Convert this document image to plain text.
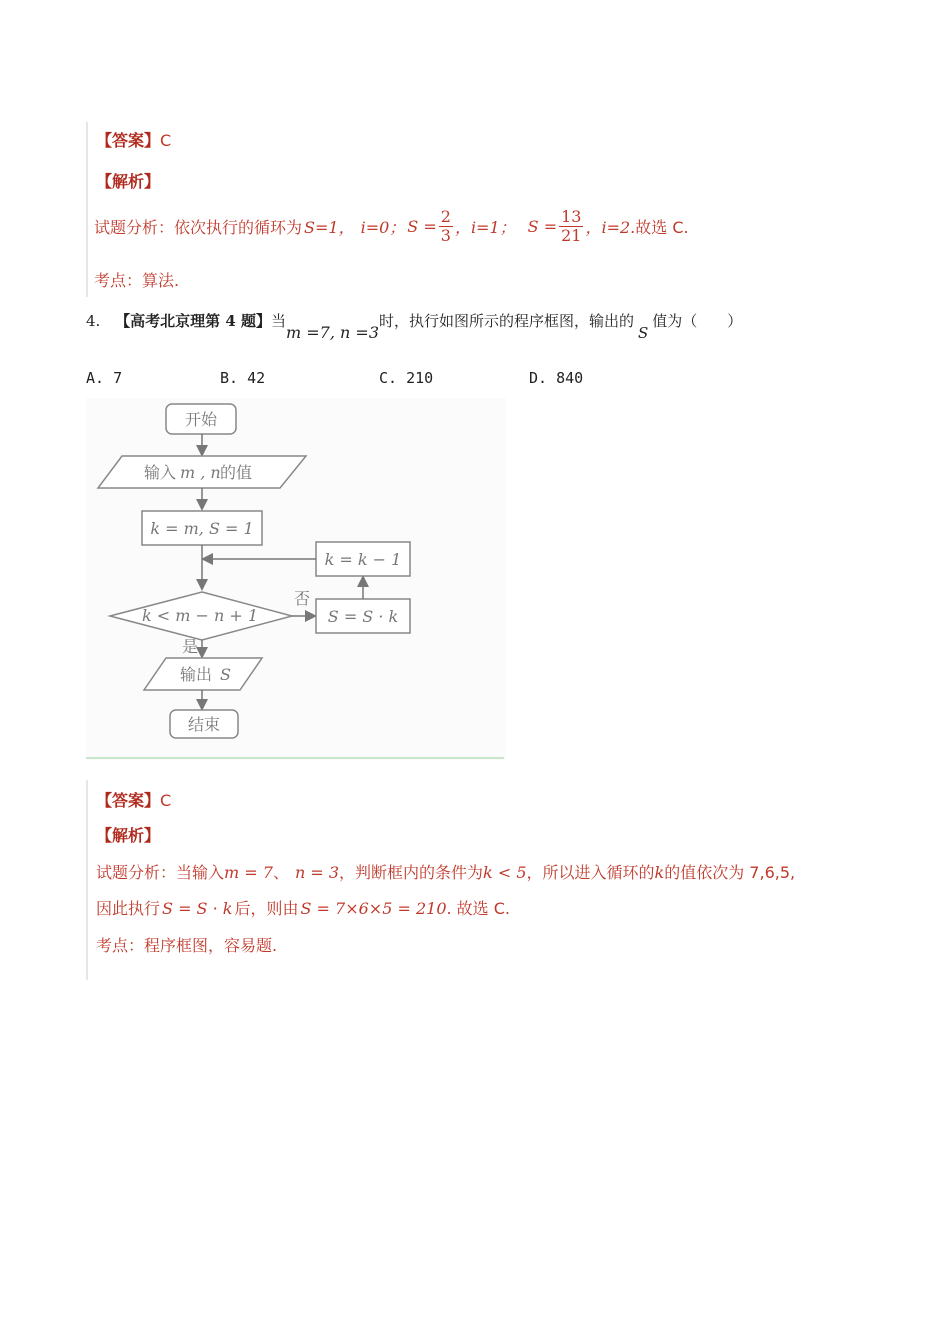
【答案】C
【解析】
试题分析：依次执行的循环为 S=1， i=0； $S = \frac{2}{3}$ ，i=1； $S = \frac{13}{21}$ ，i=2. 故选 C.
考点：算法.
4. 【高考北京理第 4 题】当m =7, n =3时，执行如图所示的程序框图，输出的S值为（　　）
A. 7	B. 42	C. 210	D. 840
开始
输入 m , n 的值
k = m, S = 1
k = k − 1
k < m − n + 1
否
S = S · k
是
输出 S
结束
【答案】C
【解析】
试题分析：当输入m = 7、 n = 3，判断框内的条件为k < 5，所以进入循环的k的值依次为 7,6,5,
因此执行 S = S · k 后，则由 S = 7×6×5 = 210. 故选 C.
考点：程序框图，容易题.
